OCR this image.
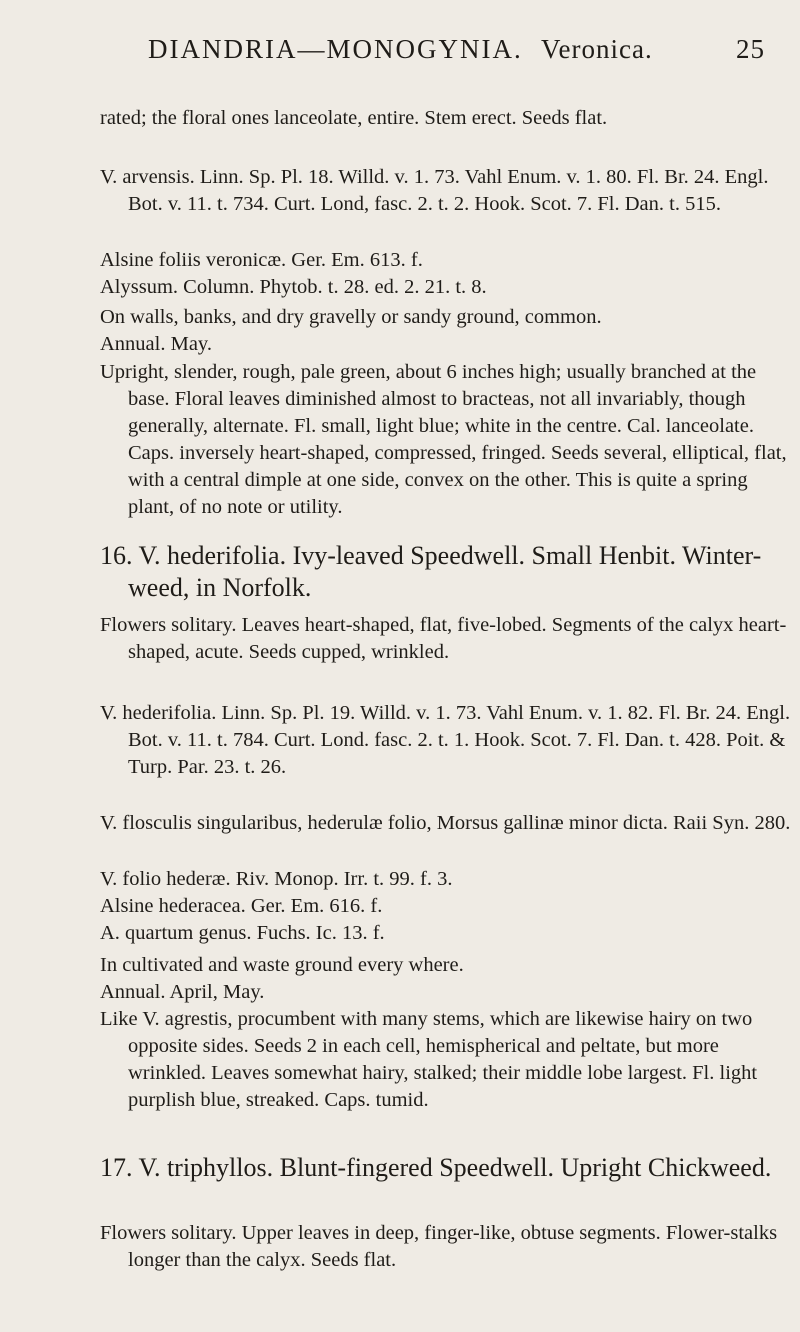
DIANDRIA—MONOGYNIA. Veronica.	25
rated; the floral ones lanceolate, entire. Stem erect. Seeds flat.
V. arvensis. Linn. Sp. Pl. 18. Willd. v. 1. 73. Vahl Enum. v. 1. 80. Fl. Br. 24. Engl. Bot. v. 11. t. 734. Curt. Lond, fasc. 2. t. 2. Hook. Scot. 7. Fl. Dan. t. 515.
Alsine foliis veronicæ. Ger. Em. 613. f.
Alyssum. Column. Phytob. t. 28. ed. 2. 21. t. 8.
On walls, banks, and dry gravelly or sandy ground, common.
Annual. May.
Upright, slender, rough, pale green, about 6 inches high; usually branched at the base. Floral leaves diminished almost to bracteas, not all invariably, though generally, alternate. Fl. small, light blue; white in the centre. Cal. lanceolate. Caps. inversely heart-shaped, compressed, fringed. Seeds several, elliptical, flat, with a central dimple at one side, convex on the other. This is quite a spring plant, of no note or utility.
16. V. hederifolia. Ivy-leaved Speedwell. Small Henbit. Winter-weed, in Norfolk.
Flowers solitary. Leaves heart-shaped, flat, five-lobed. Segments of the calyx heart-shaped, acute. Seeds cupped, wrinkled.
V. hederifolia. Linn. Sp. Pl. 19. Willd. v. 1. 73. Vahl Enum. v. 1. 82. Fl. Br. 24. Engl. Bot. v. 11. t. 784. Curt. Lond. fasc. 2. t. 1. Hook. Scot. 7. Fl. Dan. t. 428. Poit. & Turp. Par. 23. t. 26.
V. flosculis singularibus, hederulæ folio, Morsus gallinæ minor dicta. Raii Syn. 280.
V. folio hederæ. Riv. Monop. Irr. t. 99. f. 3.
Alsine hederacea. Ger. Em. 616. f.
A. quartum genus. Fuchs. Ic. 13. f.
In cultivated and waste ground every where.
Annual. April, May.
Like V. agrestis, procumbent with many stems, which are likewise hairy on two opposite sides. Seeds 2 in each cell, hemispherical and peltate, but more wrinkled. Leaves somewhat hairy, stalked; their middle lobe largest. Fl. light purplish blue, streaked. Caps. tumid.
17. V. triphyllos. Blunt-fingered Speedwell. Upright Chickweed.
Flowers solitary. Upper leaves in deep, finger-like, obtuse segments. Flower-stalks longer than the calyx. Seeds flat.
